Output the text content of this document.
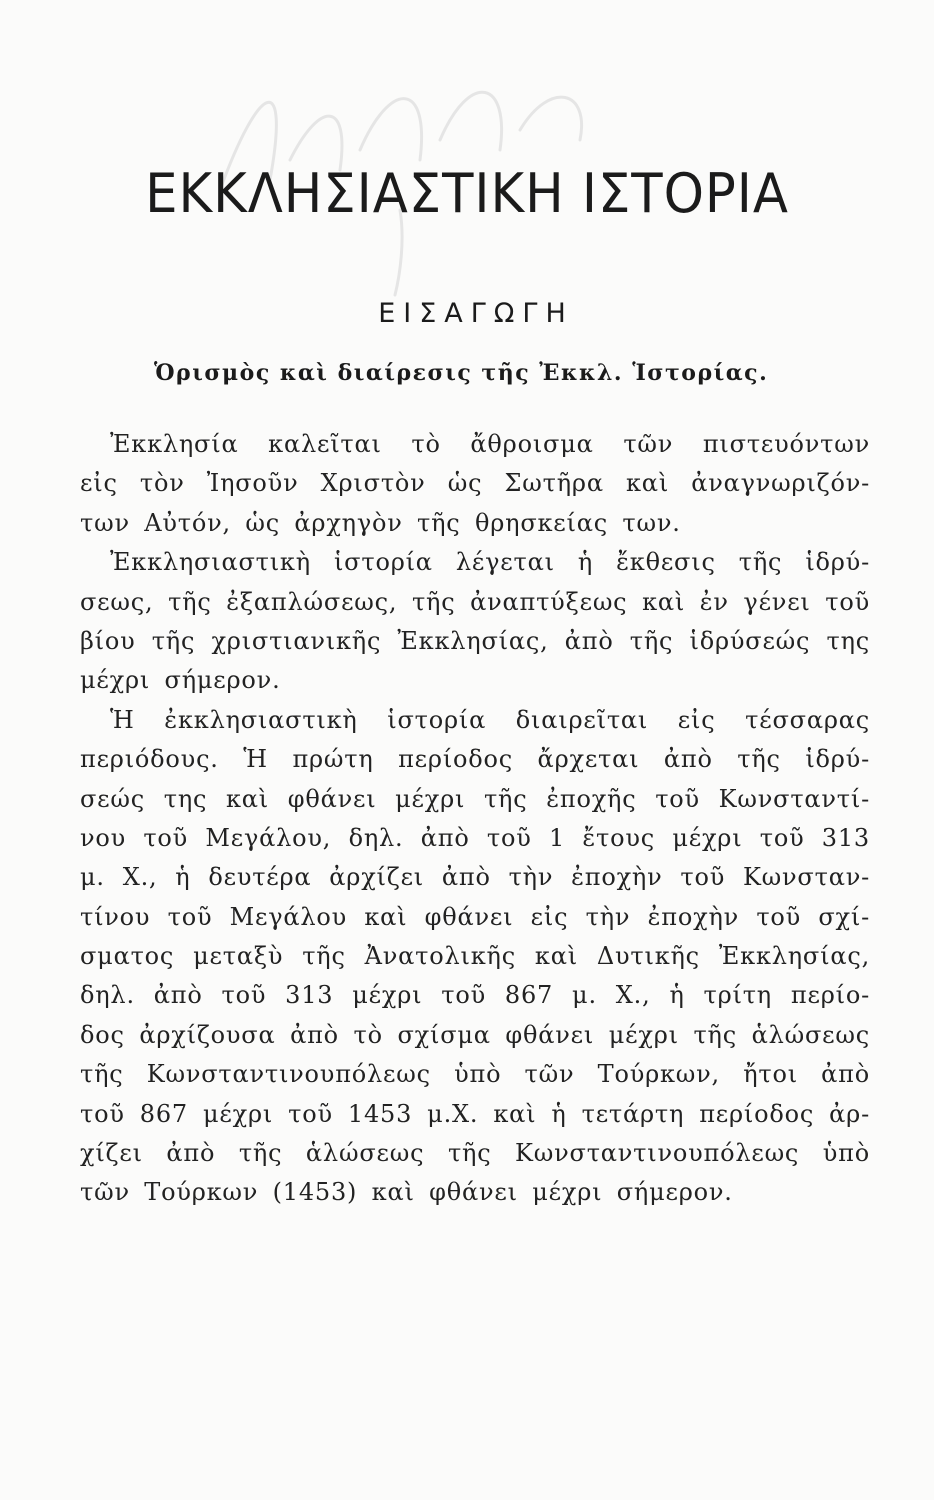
ΕΚΚΛΗΣΙΑΣΤΙΚΗ ΙΣΤΟΡΙΑ
ΕΙΣΑΓΩΓΗ
Ὁρισμὸς καὶ διαίρεσις τῆς Ἐκκλ. Ἱστορίας.
Ἐκκλησία καλεῖται τὸ ἄθροισμα τῶν πιστευόντων
εἰς τὸν Ἰησοῦν Χριστὸν ὡς Σωτῆρα καὶ ἀναγνωριζόν-
των Αὐτόν, ὡς ἀρχηγὸν τῆς θρησκείας των.
Ἐκκλησιαστικὴ ἱστορία λέγεται ἡ ἔκθεσις τῆς ἱδρύ-
σεως, τῆς ἐξαπλώσεως, τῆς ἀναπτύξεως καὶ ἐν γένει τοῦ
βίου τῆς χριστιανικῆς Ἐκκλησίας, ἀπὸ τῆς ἱδρύσεώς της
μέχρι σήμερον.
Ἡ ἐκκλησιαστικὴ ἱστορία διαιρεῖται εἰς τέσσαρας
περιόδους. Ἡ πρώτη περίοδος ἄρχεται ἀπὸ τῆς ἱδρύ-
σεώς της καὶ φθάνει μέχρι τῆς ἐποχῆς τοῦ Κωνσταντί-
νου τοῦ Μεγάλου, δηλ. ἀπὸ τοῦ 1 ἔτους μέχρι τοῦ 313
μ. Χ., ἡ δευτέρα ἀρχίζει ἀπὸ τὴν ἐποχὴν τοῦ Κωνσταν-
τίνου τοῦ Μεγάλου καὶ φθάνει εἰς τὴν ἐποχὴν τοῦ σχί-
σματος μεταξὺ τῆς Ἀνατολικῆς καὶ Δυτικῆς Ἐκκλησίας,
δηλ. ἀπὸ τοῦ 313 μέχρι τοῦ 867 μ. Χ., ἡ τρίτη περίο-
δος ἀρχίζουσα ἀπὸ τὸ σχίσμα φθάνει μέχρι τῆς ἁλώσεως
τῆς Κωνσταντινουπόλεως ὑπὸ τῶν Τούρκων, ἤτοι ἀπὸ
τοῦ 867 μέχρι τοῦ 1453 μ.Χ. καὶ ἡ τετάρτη περίοδος ἀρ-
χίζει ἀπὸ τῆς ἁλώσεως τῆς Κωνσταντινουπόλεως ὑπὸ
τῶν Τούρκων (1453) καὶ φθάνει μέχρι σήμερον.
